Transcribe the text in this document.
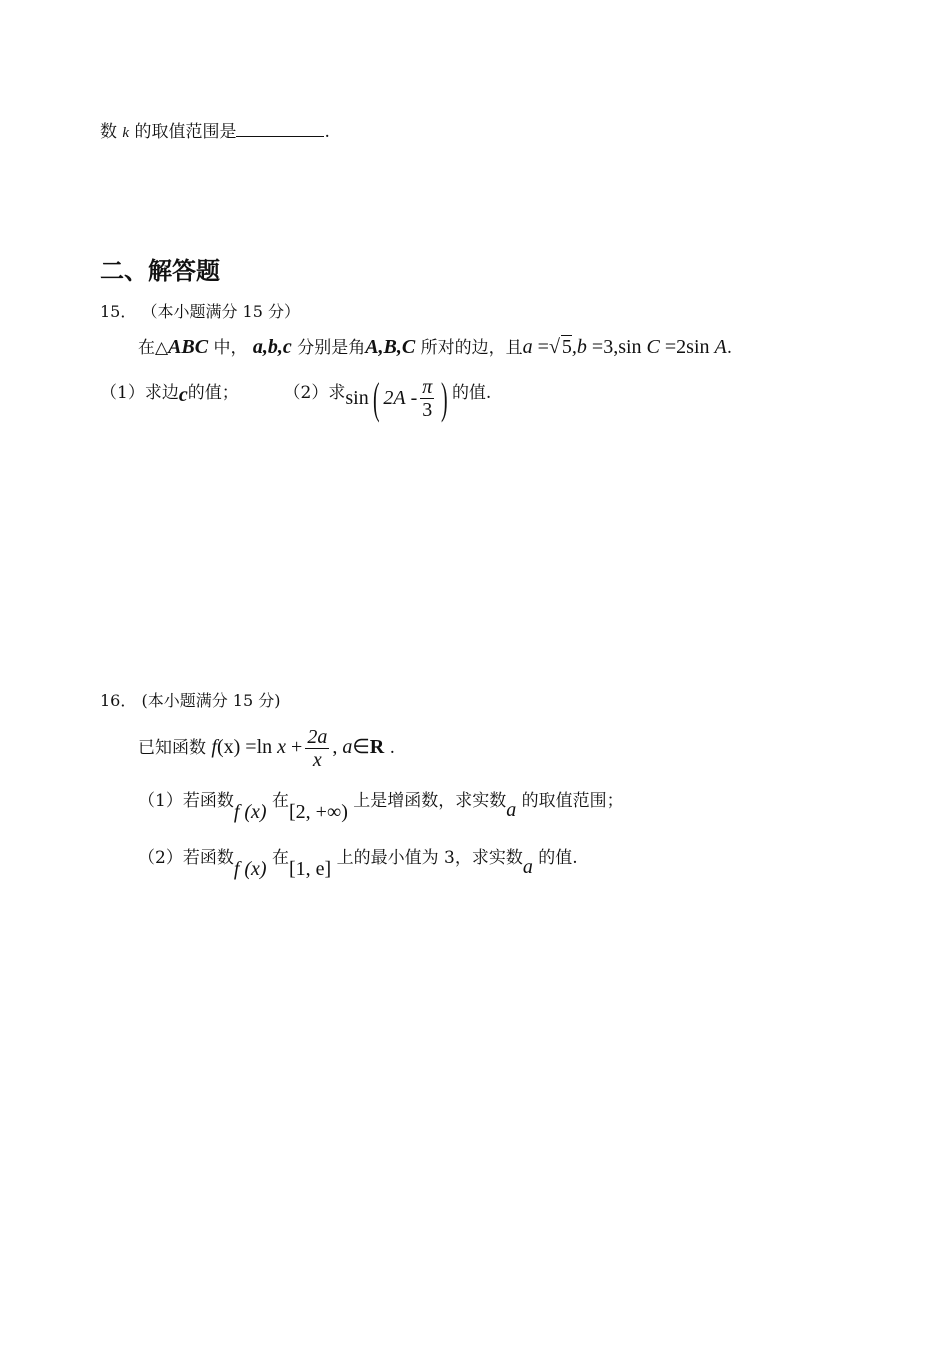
数 k 的取值范围是	.
二、解答题
15． （本小题满分 15 分）
在△ABC 中， a,b,c 分别是角A,B,C 所对的边，且a =√ 5,b =3,sin C =2sin A.
（1）求边c的值；	（2）求sin( $2A - \frac{\pi}{3}$ ) 的值.
16． (本小题满分 15 分)
已知函数 f(x) =ln $x + \frac{2a}{x}$ , a∈R .
（1）若函数f (x) 在[2, +∞) 上是增函数，求实数a 的取值范围；
（2）若函数f (x) 在[1, e] 上的最小值为 3，求实数a 的值.
